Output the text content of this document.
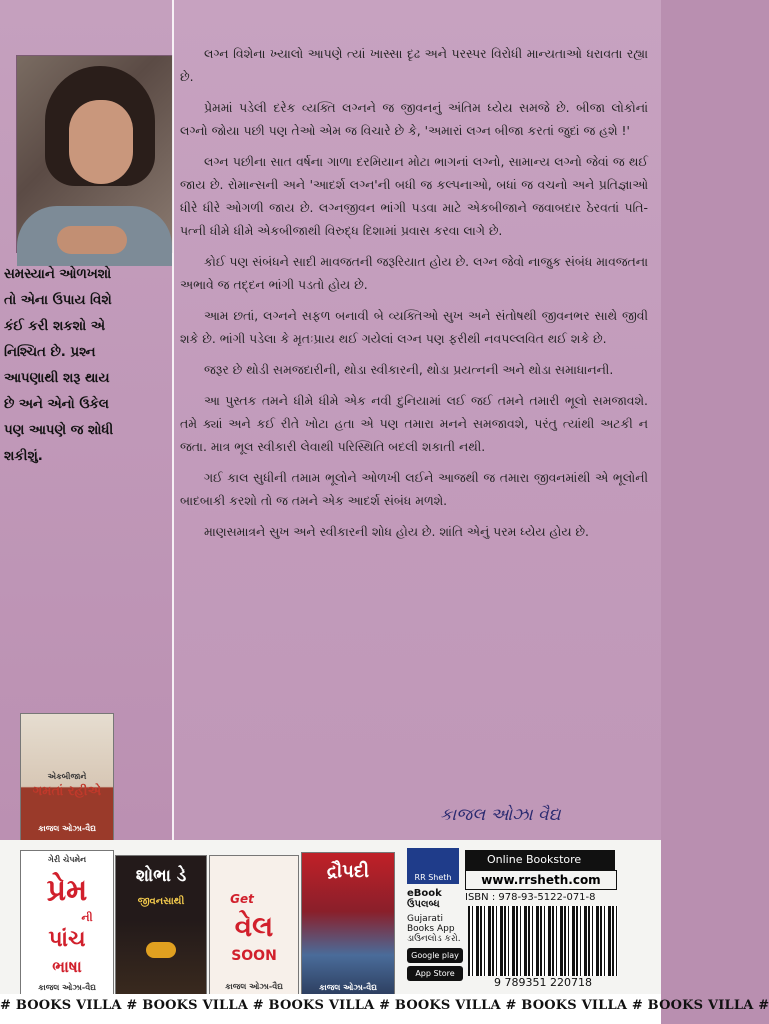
સમસ્યાને ઓળખશો
તો એના ઉપાય વિશે
કંઈ કરી શકશો એ
નિશ્ચિત છે. પ્રશ્ન
આપણાથી શરૂ થાય
છે અને એનો ઉકેલ
પણ આપણે જ શોધી
શકીશું.

લગ્ન વિશેના ખ્યાલો આપણે ત્યાં ખાસ્સા દૃઢ અને પરસ્પર વિરોધી માન્યતાઓ ધરાવતા રહ્યા છે.

પ્રેમમાં પડેલી દરેક વ્યક્તિ લગ્નને જ જીવનનું અંતિમ ધ્યેય સમજે છે. બીજા લોકોનાં લગ્નો જોયા પછી પણ તેઓ એમ જ વિચારે છે કે, 'અમારાં લગ્ન બીજા કરતાં જુદાં જ હશે !'

લગ્ન પછીના સાત વર્ષના ગાળા દરમિયાન મોટા ભાગનાં લગ્નો, સામાન્ય લગ્નો જેવાં જ થઈ જાય છે. રોમાન્સની અને 'આદર્શ લગ્ન'ની બધી જ કલ્પનાઓ, બધાં જ વચનો અને પ્રતિજ્ઞાઓ ધીરે ધીરે ઓગળી જાય છે. લગ્નજીવન ભાંગી પડવા માટે એકબીજાને જવાબદાર ઠેરવતાં પતિ-પત્ની ધીમે ધીમે એકબીજાથી વિરુદ્ધ દિશામાં પ્રવાસ કરવા લાગે છે.

કોઈ પણ સંબંધને સાદી માવજતની જરૂરિયાત હોય છે. લગ્ન જેવો નાજુક સંબંધ માવજતના અભાવે જ તદ્દન ભાંગી પડતો હોય છે.

આમ છતાં, લગ્નને સફળ બનાવી બે વ્યક્તિઓ સુખ અને સંતોષથી જીવનભર સાથે જીવી શકે છે. ભાંગી પડેલા કે મૃતઃપ્રાય થઈ ગયેલાં લગ્ન પણ ફરીથી નવપલ્લવિત થઈ શકે છે.

જરૂર છે થોડી સમજદારીની, થોડા સ્વીકારની, થોડા પ્રયત્નની અને થોડા સમાધાનની.

આ પુસ્તક તમને ધીમે ધીમે એક નવી દુનિયામાં લઈ જઈ તમને તમારી ભૂલો સમજાવશે. તમે ક્યાં અને કઈ રીતે ખોટા હતા એ પણ તમારા મનને સમજાવશે, પરંતુ ત્યાંથી અટકી ન જતા. માત્ર ભૂલ સ્વીકારી લેવાથી પરિસ્થિતિ બદલી શકાતી નથી.

ગઈ કાલ સુધીની તમામ ભૂલોને ઓળખી લઈને આજથી જ તમારા જીવનમાંથી એ ભૂલોની બાદબાકી કરશો તો જ તમને એક આદર્શ સંબંધ મળશે.

માણસમાત્રને સુખ અને સ્વીકારની શોધ હોય છે. શાંતિ એનું પરમ ધ્યેય હોય છે.

કાજલ ઓઝા વૈદ્ય
એકબીજાને
ગમતાં રહીએ
કાજલ ઓઝા-વૈદ્ય
ગેરી ચેપમેન
પ્રેમ
ની
પાંચ
ભાષા
કાજલ ઓઝા-વૈદ્ય
શોભા ડે
જીવનસાથી	Get
વેલ
SOON
કાજલ ઓઝા-વૈદ્ય
દ્રૌપદી
કાજલ ઓઝા-વૈદ્ય
RR Sheth
eBook ઉપલબ્ધ
Gujarati Books App ડાઉનલોડ કરો.
Google play
App Store
Online Bookstore
www.rrsheth.com
ISBN : 978-93-5122-071-8
9 789351 220718
# BOOKS VILLA # BOOKS VILLA # BOOKS VILLA # BOOKS VILLA # BOOKS VILLA # BOOKS VILLA #
